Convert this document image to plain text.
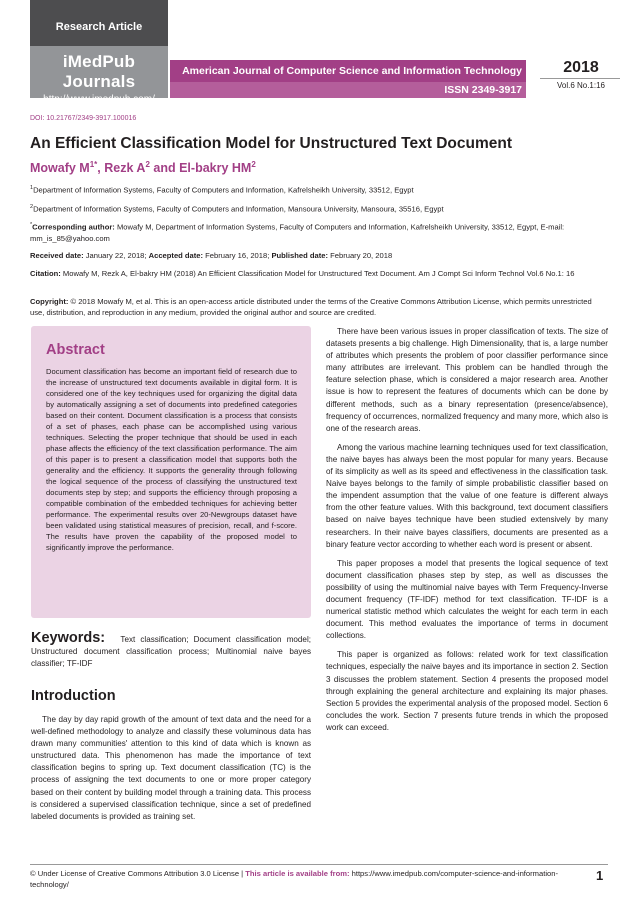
Research Article
iMedPub Journals
http://www.imedpub.com/
American Journal of Computer Science and Information Technology
ISSN 2349-3917
2018
Vol.6 No.1:16
DOI: 10.21767/2349-3917.100016
An Efficient Classification Model for Unstructured Text Document
Mowafy $M^{1*}$, Rezk $A^2$ and El-bakry $HM^2$
$^1$Department of Information Systems, Faculty of Computers and Information, Kafrelsheikh University, 33512, Egypt
$^2$Department of Information Systems, Faculty of Computers and Information, Mansoura University, Mansoura, 35516, Egypt
*Corresponding author: Mowafy M, Department of Information Systems, Faculty of Computers and Information, Kafrelsheikh University, 33512, Egypt, E-mail: mm_is_85@yahoo.com
Received date: January 22, 2018; Accepted date: February 16, 2018; Published date: February 20, 2018
Citation: Mowafy M, Rezk A, El-bakry HM (2018) An Efficient Classification Model for Unstructured Text Document. Am J Compt Sci Inform Technol Vol.6 No.1: 16
Copyright: © 2018 Mowafy M, et al. This is an open-access article distributed under the terms of the Creative Commons Attribution License, which permits unrestricted use, distribution, and reproduction in any medium, provided the original author and source are credited.
Abstract
Document classification has become an important field of research due to the increase of unstructured text documents available in digital form. It is considered one of the key techniques used for organizing the digital data by automatically assigning a set of documents into predefined categories based on their content. Document classification is a process that consists of a set of phases, each phase can be accomplished using various techniques. Selecting the proper technique that should be used in each phase affects the efficiency of the text classification performance. The aim of this paper is to present a classification model that supports both the generality and the efficiency. It supports the generality through following the logical sequence of the process of classifying the unstructured text documents step by step; and supports the efficiency through proposing a compatible combination of the embedded techniques for achieving better performance. The experimental results over 20-Newgroups dataset have been validated using statistical measures of precision, recall, and f-score. The results have proven the capability of the proposed model to significantly improve the performance.
Keywords: Text classification; Document classification model; Unstructured document classification process; Multinomial naive bayes classifier; TF-IDF
Introduction

The day by day rapid growth of the amount of text data and the need for a well-defined methodology to analyze and classify these voluminous data has drawn many communities' attention to this kind of data which is known as unstructured data. This phenomenon has made the importance of text classification begins to spring up. Text document classification (TC) is the process of assigning the text documents to one or more proper category based on their content by building model through a training data. This process is considered a supervised classification technique, since a set of predefined labeled documents is provided as training set.

There have been various issues in proper classification of texts. The size of datasets presents a big challenge. High Dimensionality, that is, a large number of attributes which presents the problem of poor classifier performance since many attributes are irrelevant. This problem can be handled through the feature selection phase, which is considered a major research area. Another issue is how to represent the features of documents which can be done by different methods, such as a binary representation (presence/absence), frequency of occurrences, normalized frequency and many more, which also is one of the research areas.

Among the various machine learning techniques used for text classification, the naive bayes has always been the most popular for many years. Because of its simplicity as well as its speed and effectiveness in the classification task. Naive bayes belongs to the family of simple probabilistic classifier based on the impendent assumption that the value of one feature is different always from the other feature values. With this background, text document classifiers based on naive bayes technique have been studied extensively by many researchers. In their naive bayes classifiers, documents are presented as a binary feature vector according to whether each word is present or absent.

This paper proposes a model that presents the logical sequence of text document classification phases step by step, as well as discusses the possibility of using the multinomial naive bayes with Term Frequency-Inverse document frequency (TF-IDF) method for text classification. TF-IDF is a numerical statistic method which calculates the weight for each term in each document. This method evaluates the importance of terms in document collections.

This paper is organized as follows: related work for text classification techniques, especially the naive bayes and its importance in section 2. Section 3 discusses the problem statement. Section 4 presents the proposed model through explaining the general architecture and explaining its major phases. Section 5 provides the experimental analysis of the proposed model. Section 6 concludes the work. Section 7 presents future trends in which the proposed work can exceed.

© Under License of Creative Commons Attribution 3.0 License | This article is available from: https://www.imedpub.com/computer-science-and-information-technology/
1
